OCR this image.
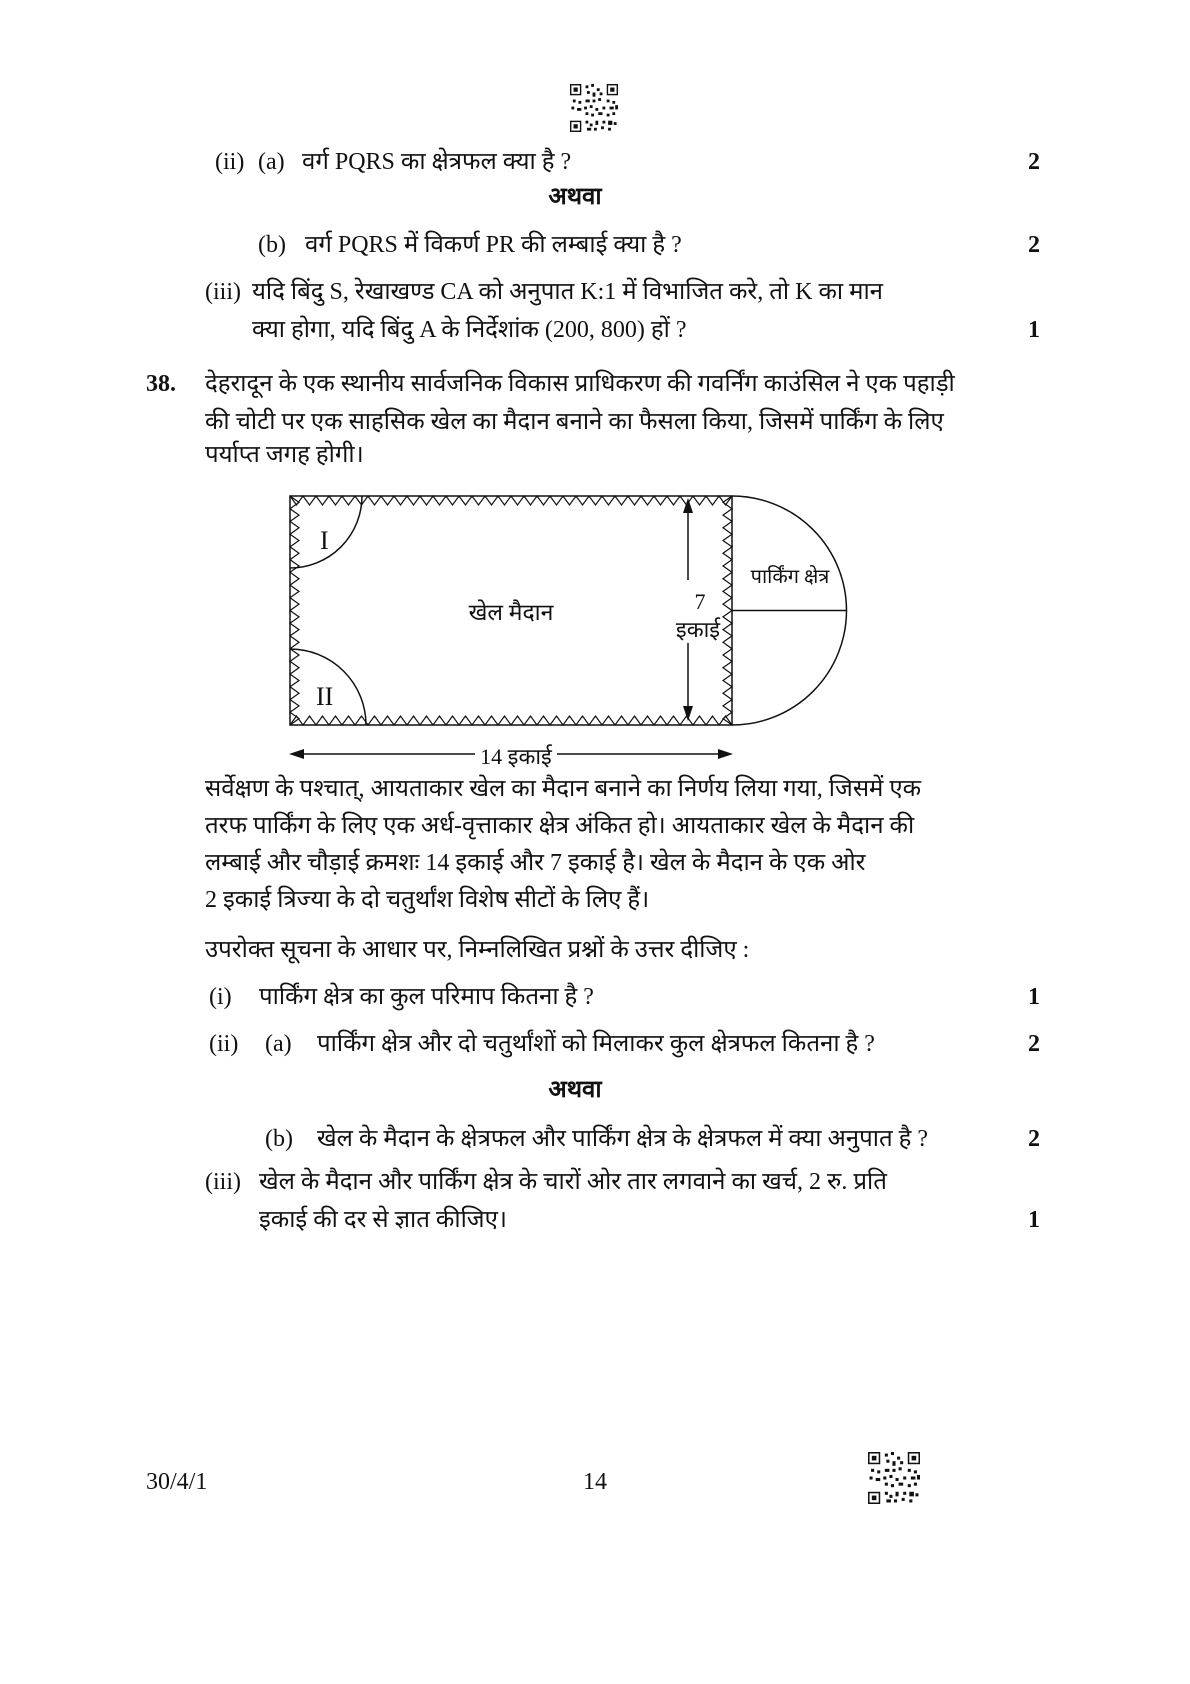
(ii) (a) वर्ग PQRS का क्षेत्रफल क्या है ?	2
अथवा
(b) वर्ग PQRS में विकर्ण PR की लम्बाई क्या है ?	2
(iii) यदि बिंदु S, रेखाखण्ड CA को अनुपात K:1 में विभाजित करे, तो K का मान
क्या होगा, यदि बिंदु A के निर्देशांक (200, 800) हों ?	1
38. देहरादून के एक स्थानीय सार्वजनिक विकास प्राधिकरण की गवर्निंग काउंसिल ने एक पहाड़ी
की चोटी पर एक साहसिक खेल का मैदान बनाने का फैसला किया, जिसमें पार्किंग के लिए
पर्याप्त जगह होगी।
I
II
खेल मैदान	7
इकाई
पार्किंग क्षेत्र
14 इकाई
सर्वेक्षण के पश्चात्, आयताकार खेल का मैदान बनाने का निर्णय लिया गया, जिसमें एक
तरफ पार्किंग के लिए एक अर्ध-वृत्ताकार क्षेत्र अंकित हो। आयताकार खेल के मैदान की
लम्बाई और चौड़ाई क्रमशः 14 इकाई और 7 इकाई है। खेल के मैदान के एक ओर
2 इकाई त्रिज्या के दो चतुर्थांश विशेष सीटों के लिए हैं।
उपरोक्त सूचना के आधार पर, निम्नलिखित प्रश्नों के उत्तर दीजिए :
(i) पार्किंग क्षेत्र का कुल परिमाप कितना है ?	1
(ii) (a) पार्किंग क्षेत्र और दो चतुर्थांशों को मिलाकर कुल क्षेत्रफल कितना है ?	2
अथवा
(b) खेल के मैदान के क्षेत्रफल और पार्किंग क्षेत्र के क्षेत्रफल में क्या अनुपात है ?	2
(iii) खेल के मैदान और पार्किंग क्षेत्र के चारों ओर तार लगवाने का खर्च, 2 रु. प्रति
इकाई की दर से ज्ञात कीजिए।	1
30/4/1	14
